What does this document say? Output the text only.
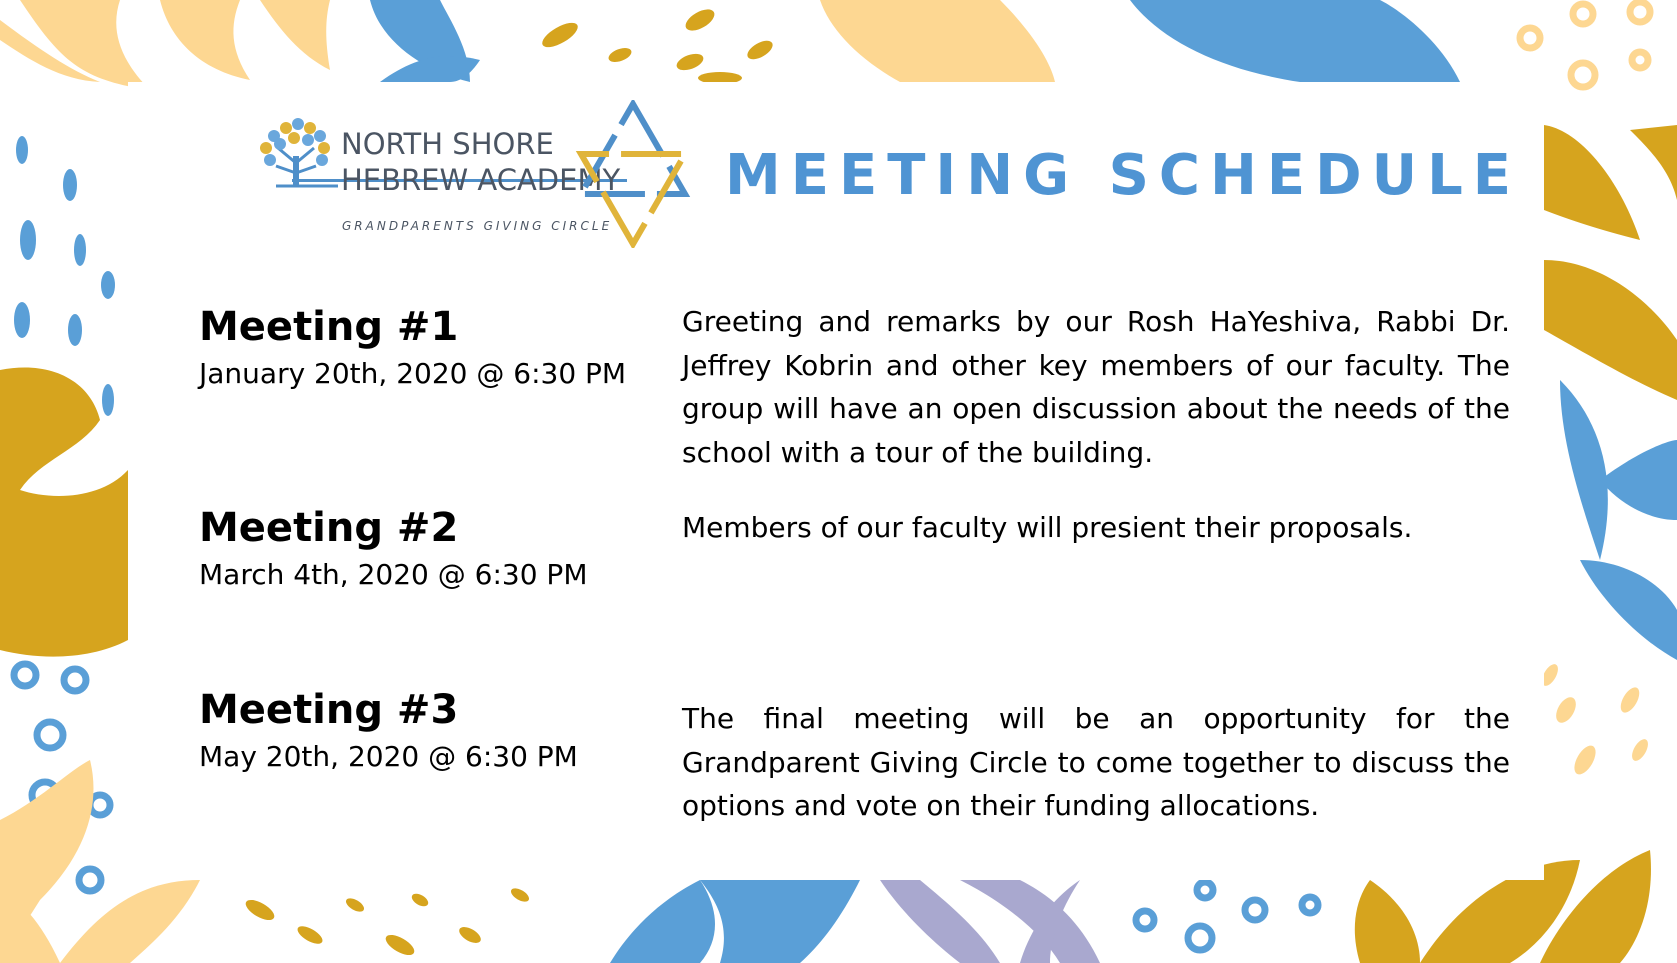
NORTH SHORE
HEBREW ACADEMY
GRANDPARENTS GIVING CIRCLE
MEETING SCHEDULE
Meeting #1
January 20th, 2020 @ 6:30 PM
Greeting and remarks by our Rosh HaYeshiva, Rabbi Dr. Jeffrey Kobrin and other key members of our faculty. The group will have an open discussion about the needs of the school with a tour of the building.
Meeting #2
March 4th, 2020 @ 6:30 PM
Members of our faculty will presient their proposals.
Meeting #3
May 20th, 2020 @ 6:30 PM
The final meeting will be an opportunity for the Grandparent Giving Circle to come together to discuss the options and vote on their funding allocations.
